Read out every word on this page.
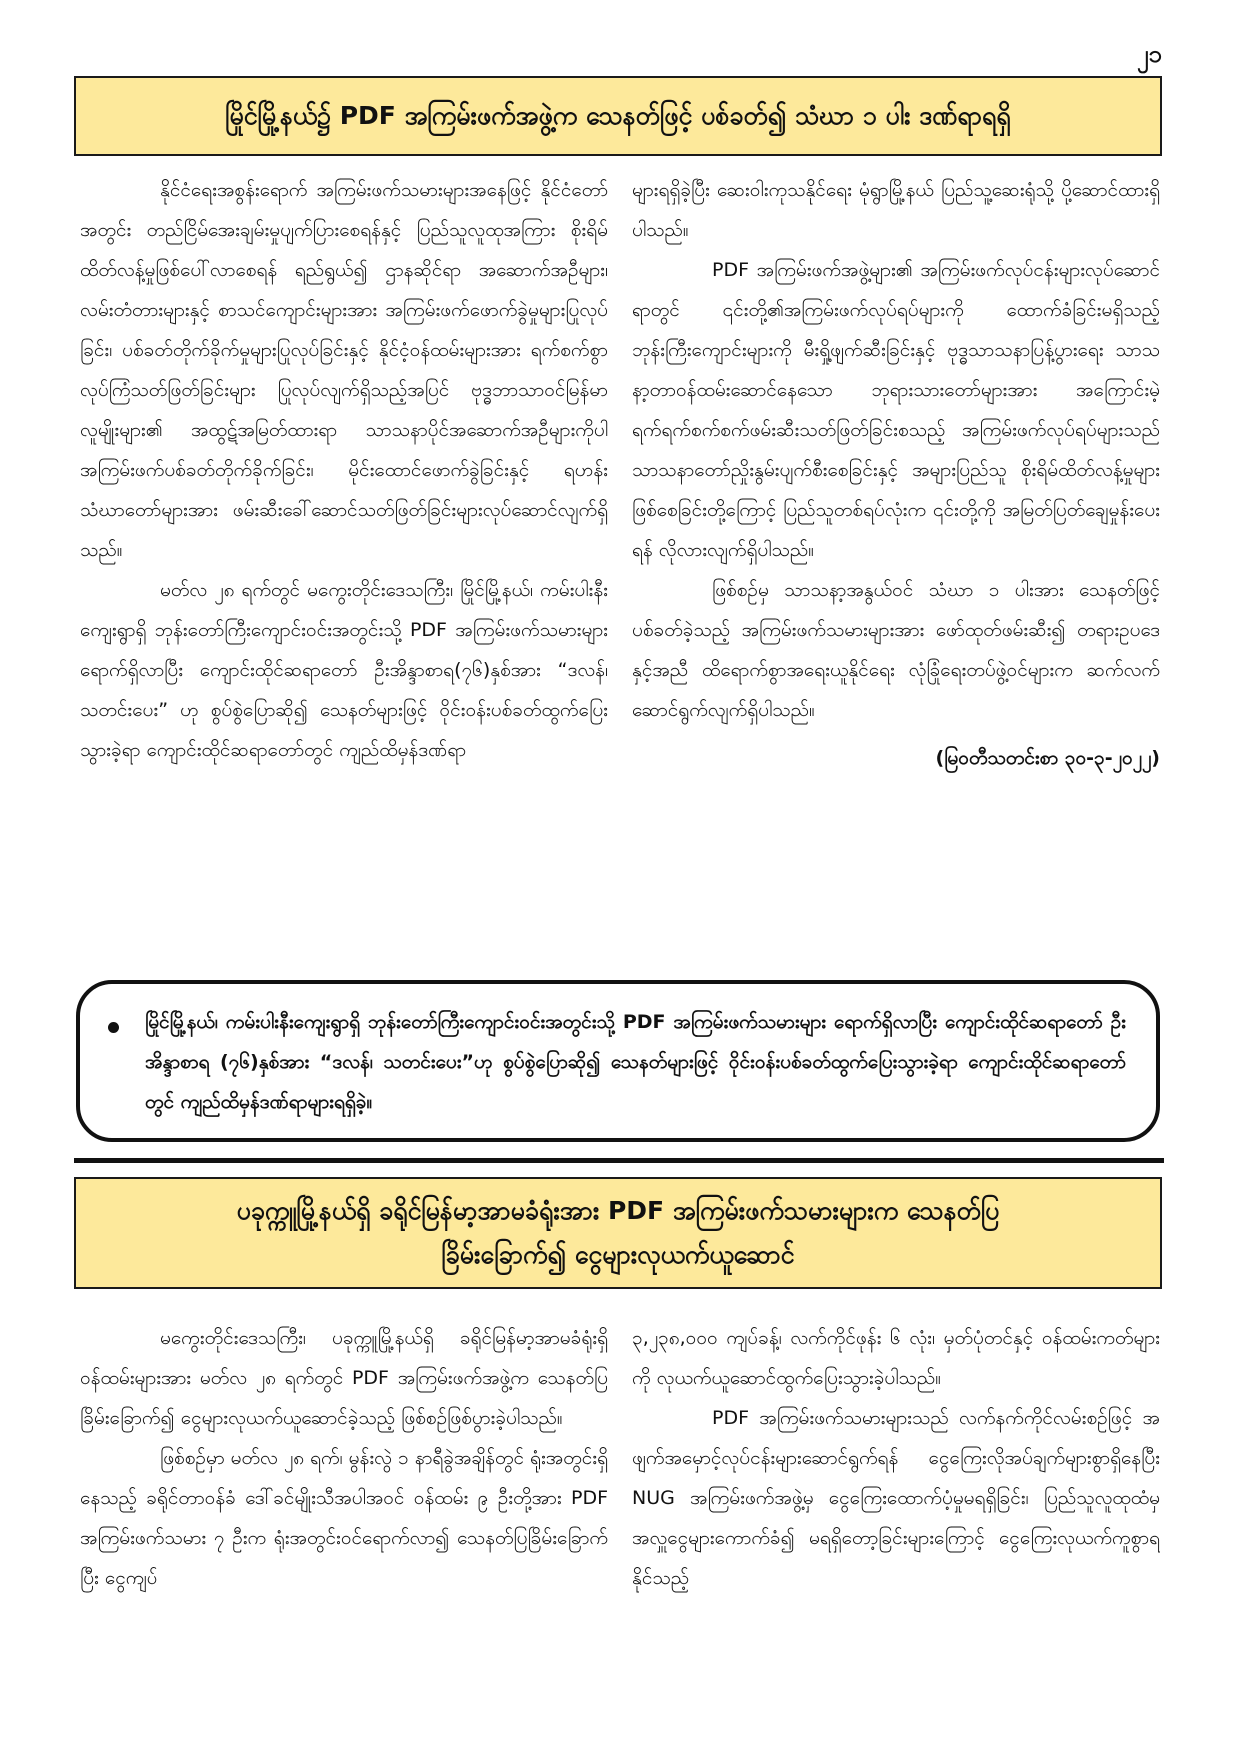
၂၁
မြိုင်မြို့နယ်၌ PDF အကြမ်းဖက်အဖွဲ့က သေနတ်ဖြင့် ပစ်ခတ်၍ သံဃာ ၁ ပါး ဒဏ်ရာရရှိ

နိုင်ငံရေးအစွန်းရောက် အကြမ်းဖက်သမားများအနေဖြင့် နိုင်ငံတော်အတွင်း တည်ငြိမ်အေးချမ်းမှုပျက်ပြားစေရန်နှင့် ပြည်သူလူထုအကြား စိုးရိမ်ထိတ်လန့်မှုဖြစ်ပေါ်လာစေရန် ရည်ရွယ်၍ ဌာနဆိုင်ရာ အဆောက်အဦများ၊ လမ်းတံတားများနှင့် စာသင်ကျောင်းများအား အကြမ်းဖက်ဖောက်ခွဲမှုများပြုလုပ်ခြင်း၊ ပစ်ခတ်တိုက်ခိုက်မှုများပြုလုပ်ခြင်းနှင့် နိုင်ငံ့ဝန်ထမ်းများအား ရက်စက်စွာလုပ်ကြံသတ်ဖြတ်ခြင်းများ ပြုလုပ်လျက်ရှိသည့်အပြင် ဗုဒ္ဓဘာသာဝင်မြန်မာလူမျိုးများ၏ အထွဋ်အမြတ်ထားရာ သာသနာပိုင်အဆောက်အဦများကိုပါ အကြမ်းဖက်ပစ်ခတ်တိုက်ခိုက်ခြင်း၊ မိုင်းထောင်ဖောက်ခွဲခြင်းနှင့် ရဟန်းသံဃာတော်များအား ဖမ်းဆီးခေါ်ဆောင်သတ်ဖြတ်ခြင်းများလုပ်ဆောင်လျက်ရှိသည်။

မတ်လ ၂၈ ရက်တွင် မကွေးတိုင်းဒေသကြီး၊ မြိုင်မြို့နယ်၊ ကမ်းပါးနီးကျေးရွာရှိ ဘုန်းတော်ကြီးကျောင်းဝင်းအတွင်းသို့ PDF အကြမ်းဖက်သမားများရောက်ရှိလာပြီး ကျောင်းထိုင်ဆရာတော် ဦးအိန္ဒာစာရ(၇၆)နှစ်အား “ဒလန်၊ သတင်းပေး” ဟု စွပ်စွဲပြောဆို၍ သေနတ်များဖြင့် ဝိုင်းဝန်းပစ်ခတ်ထွက်ပြေးသွားခဲ့ရာ ကျောင်းထိုင်ဆရာတော်တွင် ကျည်ထိမှန်ဒဏ်ရာ

များရရှိခဲ့ပြီး ဆေးဝါးကုသနိုင်ရေး မုံရွာမြို့နယ် ပြည်သူ့ဆေးရုံသို့ ပို့ဆောင်ထားရှိပါသည်။

PDF အကြမ်းဖက်အဖွဲ့များ၏ အကြမ်းဖက်လုပ်ငန်းများလုပ်ဆောင်ရာတွင် ၎င်းတို့၏အကြမ်းဖက်လုပ်ရပ်များကို ထောက်ခံခြင်းမရှိသည့် ဘုန်းကြီးကျောင်းများကို မီးရှို့ဖျက်ဆီးခြင်းနှင့် ဗုဒ္ဓသာသနာပြန့်ပွားရေး သာသနာ့တာဝန်ထမ်းဆောင်နေသော ဘုရားသားတော်များအား အကြောင်းမဲ့ရက်ရက်စက်စက်ဖမ်းဆီးသတ်ဖြတ်ခြင်းစသည့် အကြမ်းဖက်လုပ်ရပ်များသည် သာသနာတော်ညှိုးနွမ်းပျက်စီးစေခြင်းနှင့် အများပြည်သူ စိုးရိမ်ထိတ်လန့်မှုများဖြစ်စေခြင်းတို့ကြောင့် ပြည်သူတစ်ရပ်လုံးက ၎င်းတို့ကို အမြတ်ပြတ်ချေမှုန်းပေးရန် လိုလားလျက်ရှိပါသည်။

ဖြစ်စဉ်မှ သာသနာ့အနွယ်ဝင် သံဃာ ၁ ပါးအား သေနတ်ဖြင့် ပစ်ခတ်ခဲ့သည့် အကြမ်းဖက်သမားများအား ဖော်ထုတ်ဖမ်းဆီး၍ တရားဥပဒေနှင့်အညီ ထိရောက်စွာအရေးယူနိုင်ရေး လုံခြုံရေးတပ်ဖွဲ့ဝင်များက ဆက်လက်ဆောင်ရွက်လျက်ရှိပါသည်။

(မြဝတီသတင်းစာ ၃၀-၃-၂၀၂၂)
မြိုင်မြို့နယ်၊ ကမ်းပါးနီးကျေးရွာရှိ ဘုန်းတော်ကြီးကျောင်းဝင်းအတွင်းသို့ PDF အကြမ်းဖက်သမားများ ရောက်ရှိလာပြီး ကျောင်းထိုင်ဆရာတော် ဦးအိန္ဒာစာရ (၇၆)နှစ်အား “ဒလန်၊ သတင်းပေး”ဟု စွပ်စွဲပြောဆို၍ သေနတ်များဖြင့် ဝိုင်းဝန်းပစ်ခတ်ထွက်ပြေးသွားခဲ့ရာ ကျောင်းထိုင်ဆရာတော်တွင် ကျည်ထိမှန်ဒဏ်ရာများရရှိခဲ့။
ပခုက္ကူမြို့နယ်ရှိ ခရိုင်မြန်မာ့အာမခံရုံးအား PDF အကြမ်းဖက်သမားများက သေနတ်ပြ
ခြိမ်းခြောက်၍ ငွေများလုယက်ယူဆောင်

မကွေးတိုင်းဒေသကြီး၊ ပခုက္ကူမြို့နယ်ရှိ ခရိုင်မြန်မာ့အာမခံရုံးရှိ ဝန်ထမ်းများအား မတ်လ ၂၈ ရက်တွင် PDF အကြမ်းဖက်အဖွဲ့က သေနတ်ပြခြိမ်းခြောက်၍ ငွေများလုယက်ယူဆောင်ခဲ့သည့် ဖြစ်စဉ်ဖြစ်ပွားခဲ့ပါသည်။

ဖြစ်စဉ်မှာ မတ်လ ၂၈ ရက်၊ မွန်းလွဲ ၁ နာရီခွဲအချိန်တွင် ရုံးအတွင်းရှိနေသည့် ခရိုင်တာဝန်ခံ ဒေါ်ခင်မျိုးသီအပါအဝင် ဝန်ထမ်း ၉ ဦးတို့အား PDF အကြမ်းဖက်သမား ၇ ဦးက ရုံးအတွင်းဝင်ရောက်လာ၍ သေနတ်ပြခြိမ်းခြောက်ပြီး ငွေကျပ်

၃,၂၃၈,၀၀၀ ကျပ်ခန့်၊ လက်ကိုင်ဖုန်း ၆ လုံး၊ မှတ်ပုံတင်နှင့် ဝန်ထမ်းကတ်များကို လုယက်ယူဆောင်ထွက်ပြေးသွားခဲ့ပါသည်။

PDF အကြမ်းဖက်သမားများသည် လက်နက်ကိုင်လမ်းစဉ်ဖြင့် အဖျက်အမှောင့်လုပ်ငန်းများဆောင်ရွက်ရန် ငွေကြေးလိုအပ်ချက်များစွာရှိနေပြီး NUG အကြမ်းဖက်အဖွဲ့မှ ငွေကြေးထောက်ပံ့မှုမရရှိခြင်း၊ ပြည်သူလူထုထံမှ အလှူငွေများကောက်ခံ၍ မရရှိတော့ခြင်းများကြောင့် ငွေကြေးလုယက်ကူစွာရနိုင်သည့်
